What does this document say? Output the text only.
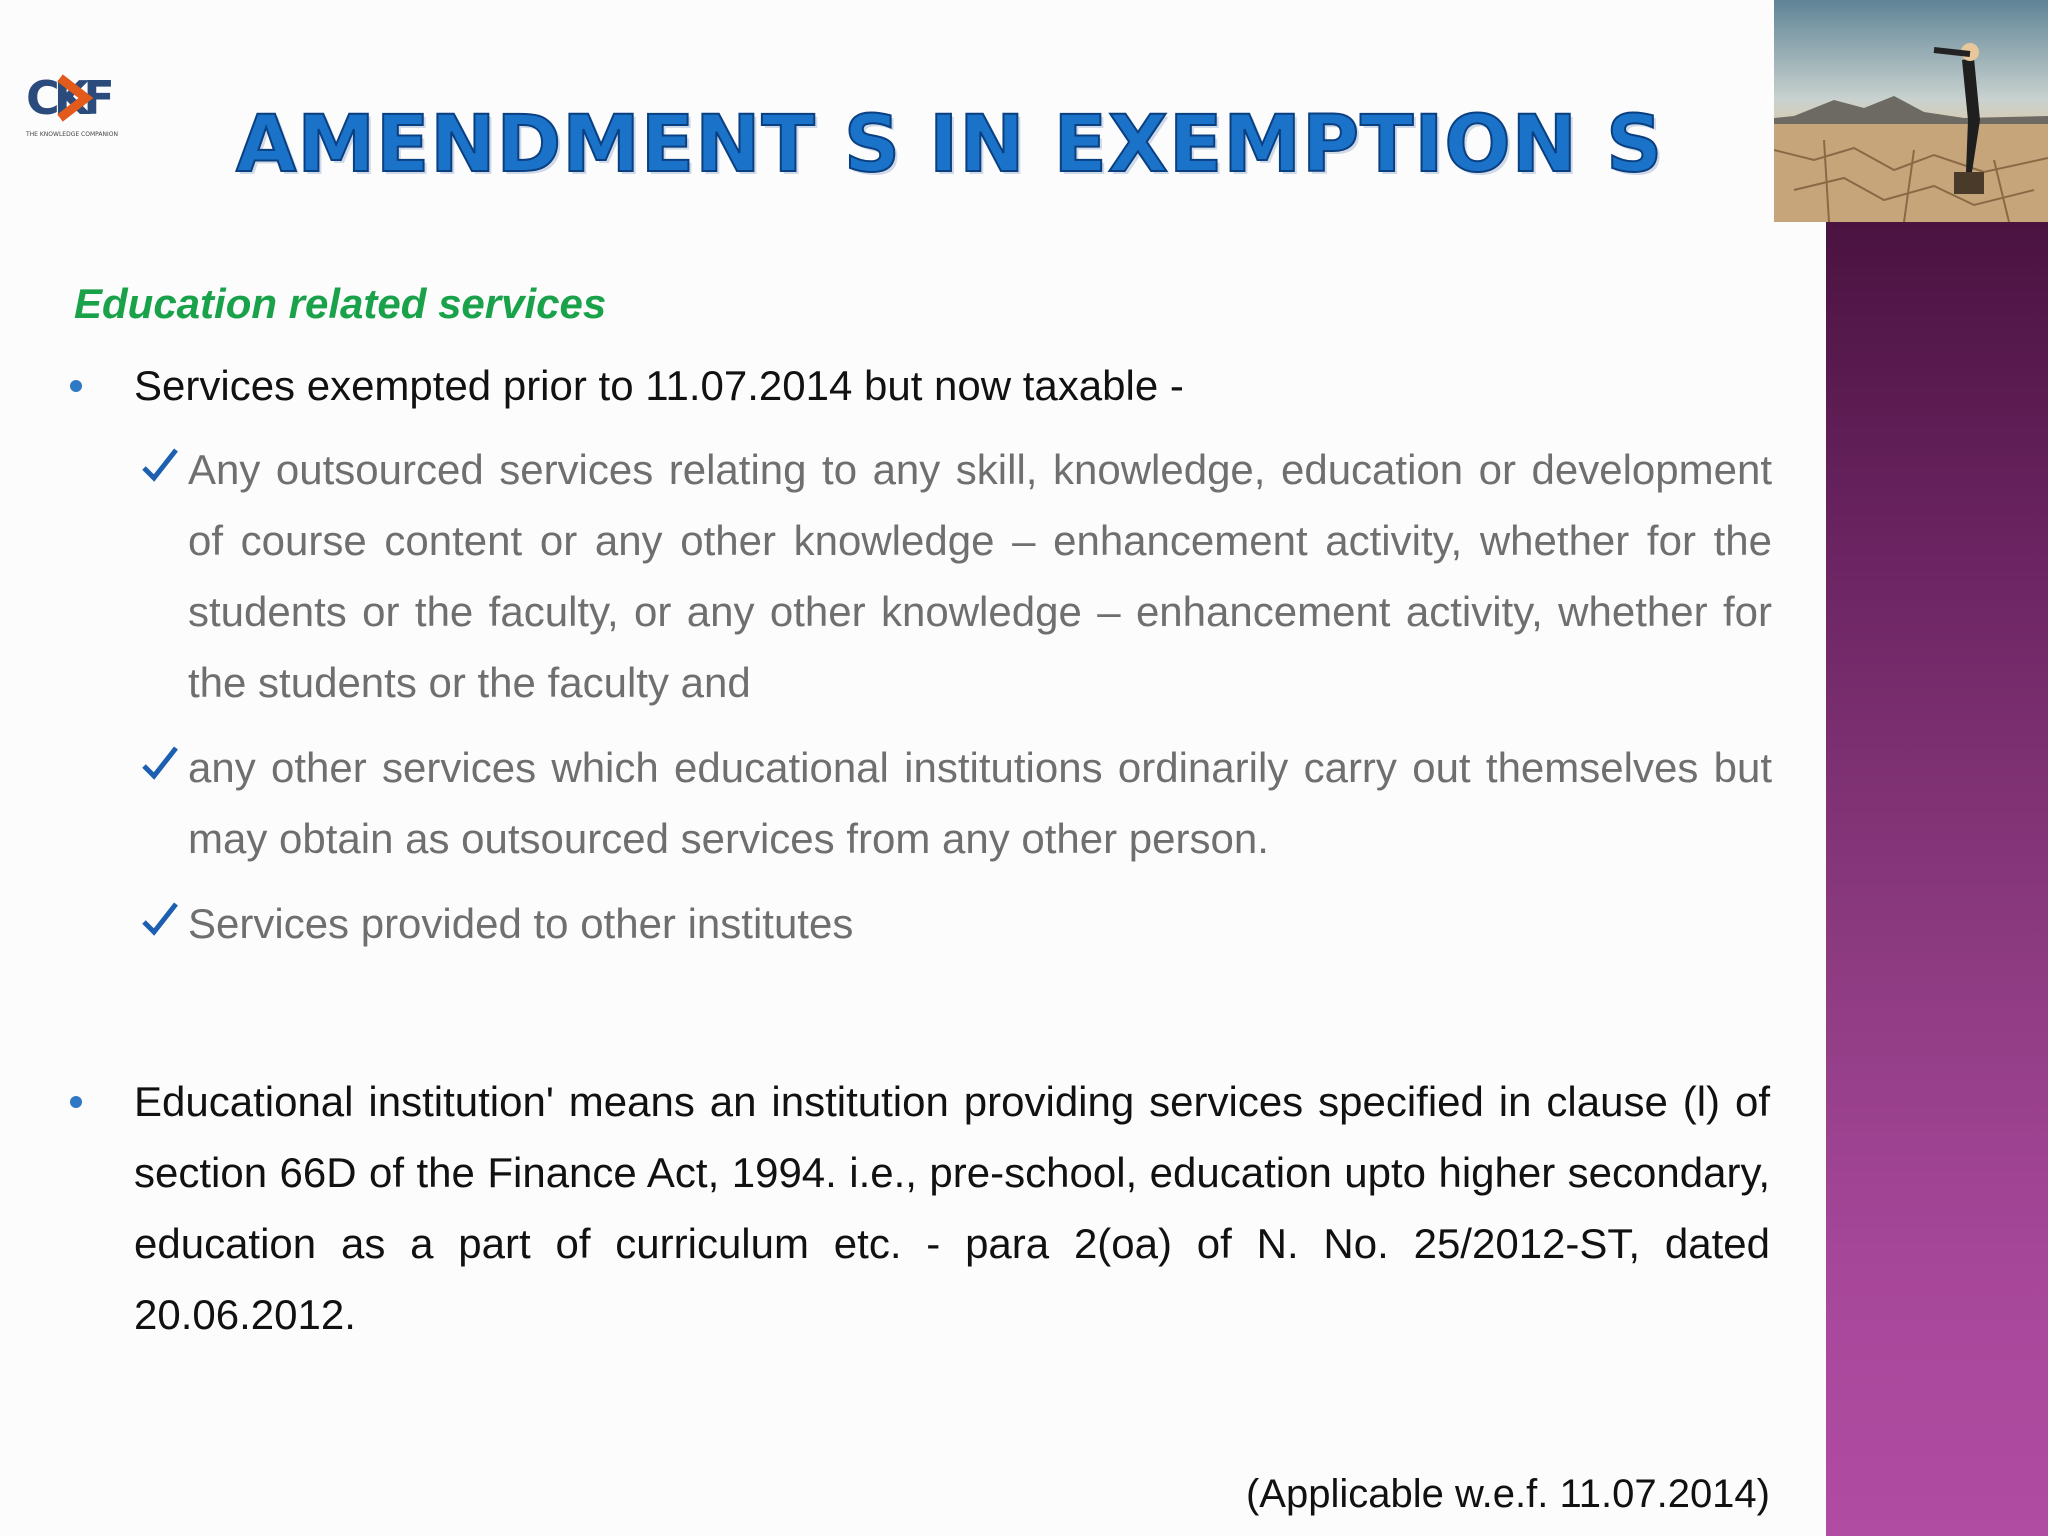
CKF
THE KNOWLEDGE COMPANION AMENDMENT S IN EXEMPTION S
Education related services
Services exempted prior to 11.07.2014 but now taxable -
Any outsourced services relating to any skill, knowledge, education or development of course content or any other knowledge – enhancement activity, whether for the students or the faculty, or any other knowledge – enhancement activity, whether for the students or the faculty and
any other services which educational institutions ordinarily carry out themselves but may obtain as outsourced services from any other person.
Services provided to other institutes
Educational institution' means an institution providing services specified in clause (l) of section 66D of the Finance Act, 1994. i.e., pre-school, education upto higher secondary, education as a part of curriculum etc. - para 2(oa) of N. No. 25/2012-ST, dated 20.06.2012.
(Applicable w.e.f. 11.07.2014)
